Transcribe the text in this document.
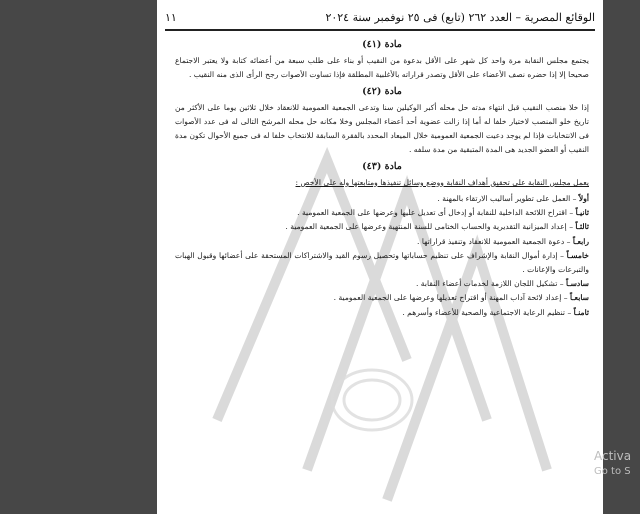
الوقائع المصرية – العدد ٢٦٢ (تابع) فى ٢٥ نوفمبر سنة ٢٠٢٤
١١
مادة (٤١)

يجتمع مجلس النقابة مرة واحد كل شهر على الأقل بدعوة من النقيب أو بناء على طلب سبعة من أعضائه كتابة ولا يعتبر الاجتماع صحيحا إلا إذا حضره نصف الأعضاء على الأقل وتصدر قراراته بالأغلبية المطلقة فإذا تساوت الأصوات رجح الرأى الذى منه النقيب .

مادة (٤٢)

إذا خلا منصب النقيب قبل انتهاء مدته حل محله أكبر الوكيلين سنا وتدعى الجمعية العمومية للانعقاد خلال ثلاثين يوما على الأكثر من تاريخ خلو المنصب لاختيار خلفا له أما إذا زالت عضوية أحد أعضاء المجلس وخلا مكانه حل محله المرشح التالى له فى عدد الأصوات فى الانتخابات فإذا لم يوجد دعيت الجمعية العمومية خلال الميعاد المحدد بالفقرة السابقة للانتخاب خلفا له فى جميع الأحوال تكون مدة النقيب أو العضو الجديد هى المدة المتبقية من مدة سلفه .

مادة (٤٣)

يعمل مجلس النقابة على تحقيق أهداف النقابة ووضع وسائل تنفيذها ومتابعتها وله على الأخص :

أولاً – العمل على تطوير أساليب الارتقاء بالمهنة .

ثانيـاً – اقتراح اللائحة الداخلية للنقابة أو إدخال أى تعديل عليها وعرضها على الجمعية العمومية .

ثالثـاً – إعداد الميزانية التقديرية والحساب الختامى للسنة المنتهية وعرضها على الجمعية العمومية .

رابعـاً – دعوة الجمعية العمومية للانعقاد وتنفيذ قراراتها .

خامسـاً – إدارة أموال النقابة والإشراف على تنظيم حساباتها وتحصيل رسوم القيد والاشتراكات المستحقة على أعضائها وقبول الهبات والتبرعات والإعانات .

سادسـاً – تشكيل اللجان اللازمة لخدمات أعضاء النقابة .

سابعـاً – إعداد لائحة آداب المهنة أو اقتراح تعديلها وعرضها على الجمعية العمومية .

ثامنـاً – تنظيم الرعاية الاجتماعية والصحية للأعضاء وأسرهم .

Activa
Go to S
